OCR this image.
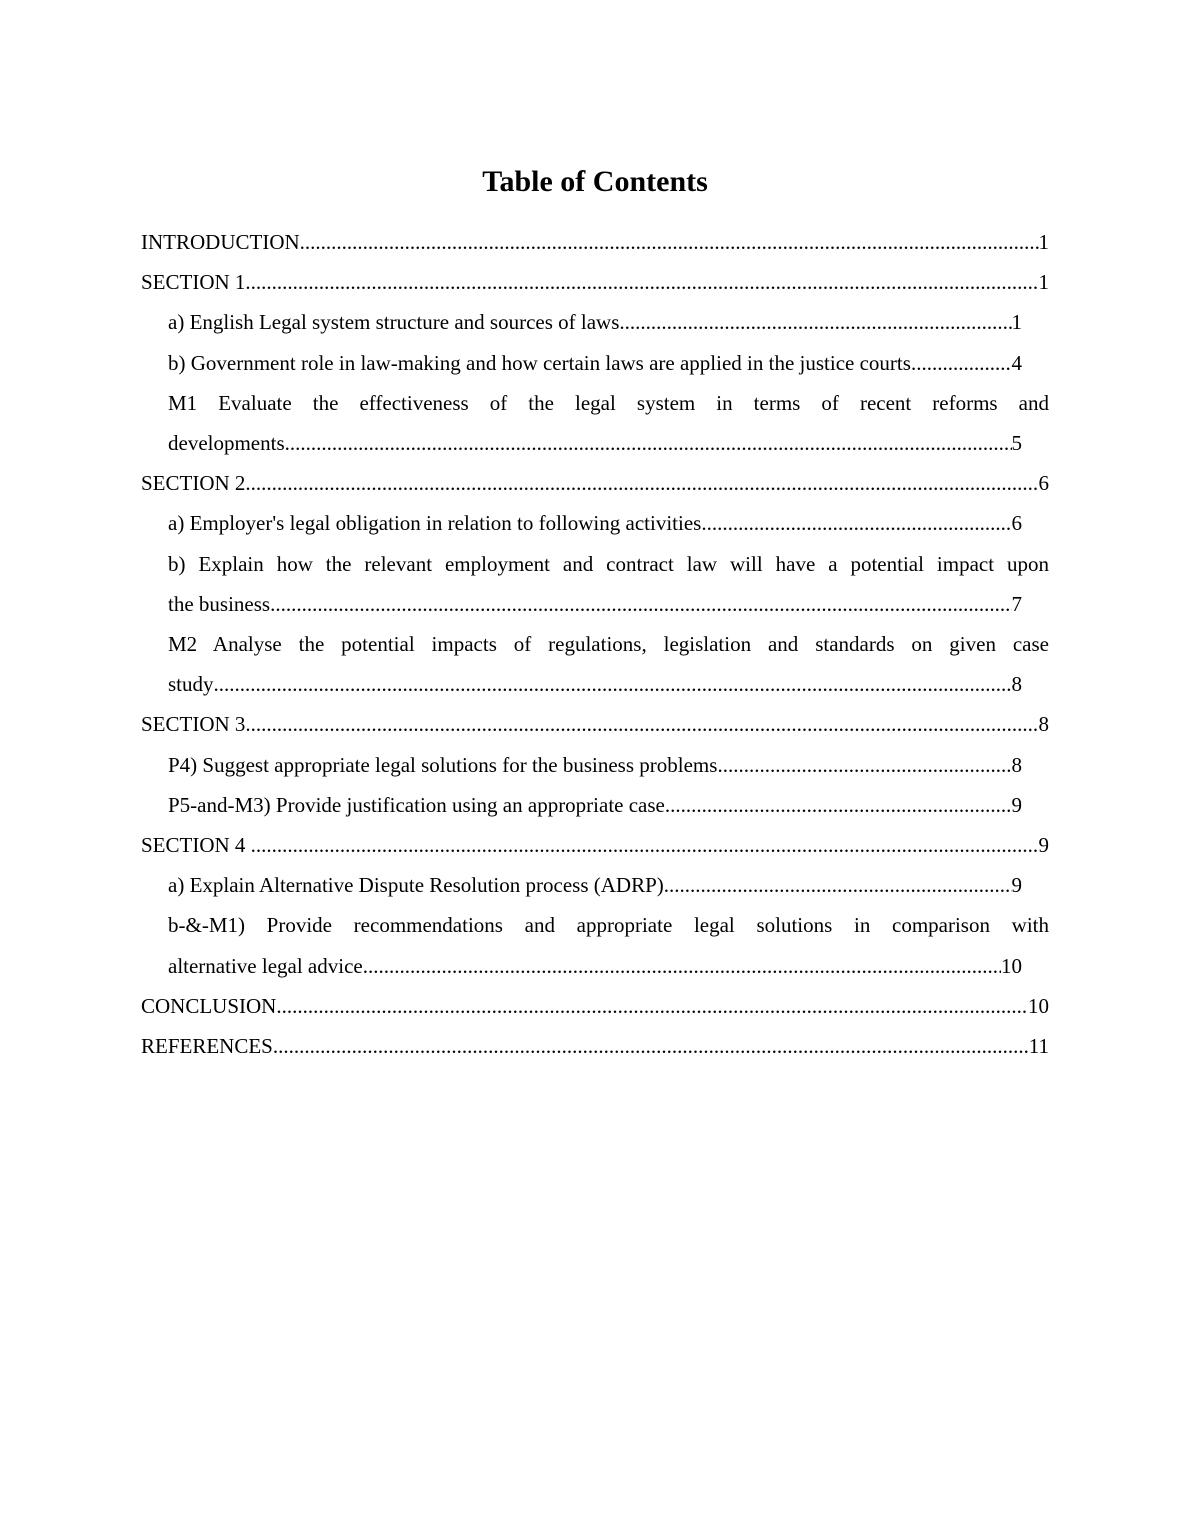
Table of Contents
INTRODUCTION .....	1
SECTION 1 .....	1
a) English Legal system structure and sources of laws .....	1
b) Government role in law-making and how certain laws are applied in the justice courts .....	4
M1 Evaluate the effectiveness of the legal system in terms of recent reforms and
developments .....	5
SECTION 2 .....	6
a) Employer's legal obligation in relation to following activities .....	6
b) Explain how the relevant employment and contract law will have a potential impact upon
the business .....	7
M2 Analyse the potential impacts of regulations, legislation and standards on given case
study .....	8
SECTION 3 .....	8
P4) Suggest appropriate legal solutions for the business problems .....	8
P5-and-M3) Provide justification using an appropriate case .....	9
SECTION 4 .....	9
a) Explain Alternative Dispute Resolution process (ADRP) .....	9
b-&-M1) Provide recommendations and appropriate legal solutions in comparison with
alternative legal advice .....	10
CONCLUSION .....	10
REFERENCES .....	11
